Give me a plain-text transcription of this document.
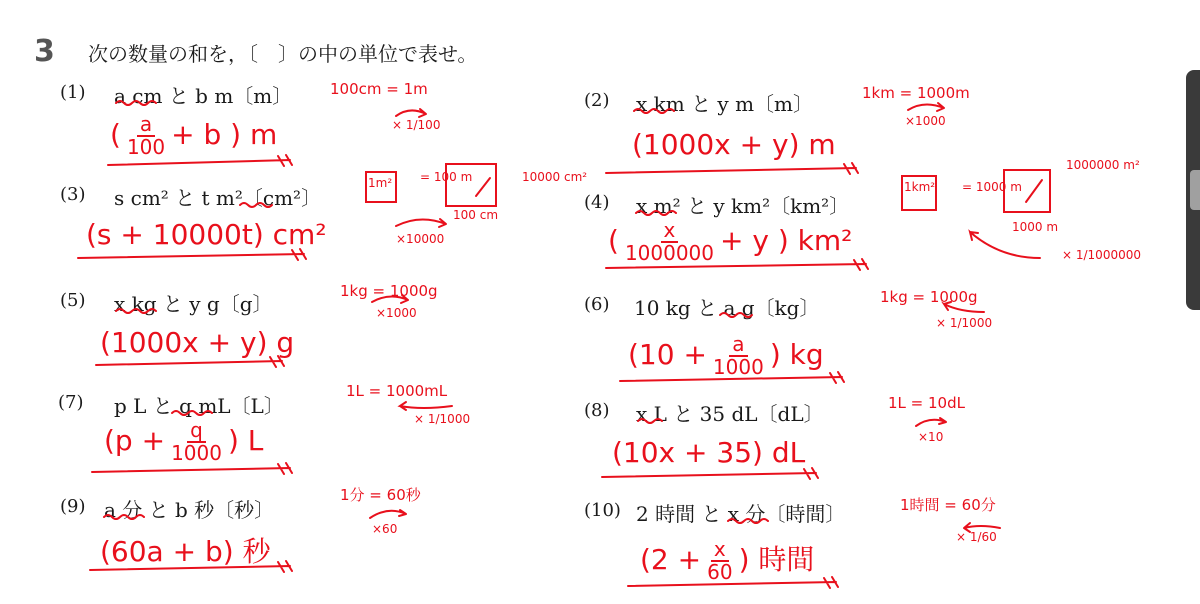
3 次の数量の和を，〔　〕の中の単位で表せ。
(1) a cm と b m〔m〕	100cm = 1m
× 1/100
( $\frac{a}{100} + b$ ) m
(2) x km と y m〔m〕	1km = 1000m
×1000
(1000x + y) m
(3) s cm² と t m²〔cm²〕
1m² = 100 m
100 cm
10000 cm²
×10000
(s + 10000t) cm²
(4) x m² と y km²〔km²〕
1km² = 1000 m
1000 m
1000000 m²
× 1/1000000
( $\frac{x}{1000000} + y$ ) km²
(5) x kg と y g〔g〕
1kg = 1000g
×1000
(1000x + y) g
(6) 10 kg と a g〔kg〕	1kg = 1000g
× 1/1000
($10 + \frac{a}{1000}$ ) kg
(7) p L と q mL〔L〕
1L = 1000mL
× 1/1000
($p + \frac{q}{1000}$ ) L
(8) x L と 35 dL〔dL〕	1L = 10dL
×10
(10x + 35) dL
(9) a 分 と b 秒〔秒〕
1分 = 60秒
×60
(60a + b) 秒
(10) 2 時間 と x 分〔時間〕	1時間 = 60分
× 1/60
($2 + \frac{x}{60}$ ) 時間
